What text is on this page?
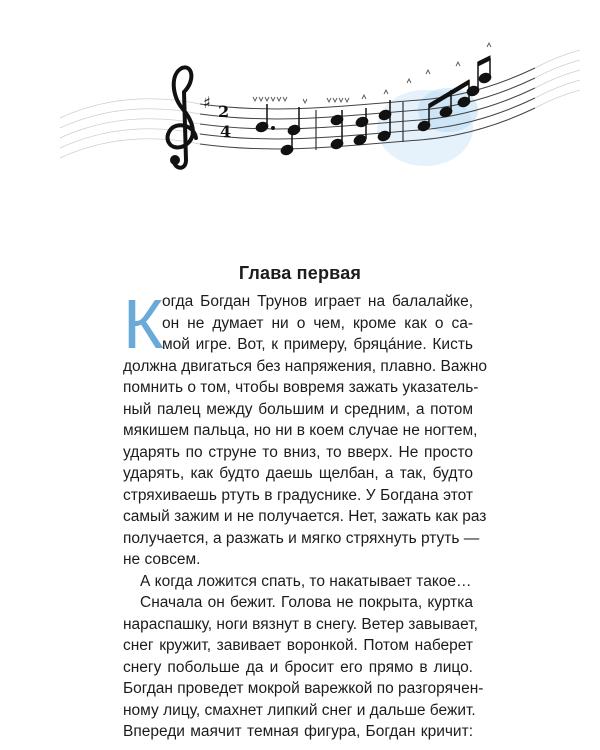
♯ 2
4
Глава первая
К
огда Богдан Трунов играет на балалайке,
он не думает ни о чем, кроме как о са-
мой игре. Вот, к примеру, бряцáние. Кисть
должна двигаться без напряжения, плавно. Важно
помнить о том, чтобы вовремя зажать указатель-
ный палец между большим и средним, а потом
мякишем пальца, но ни в коем случае не ногтем,
ударять по струне то вниз, то вверх. Не просто
ударять, как будто даешь щелбан, а так, будто
стряхиваешь ртуть в градуснике. У Богдана этот
самый зажим и не получается. Нет, зажать как раз
получается, а разжать и мягко стряхнуть ртуть —
не совсем.
А когда ложится спать, то накатывает такое…
Сначала он бежит. Голова не покрыта, куртка
нараспашку, ноги вязнут в снегу. Ветер завывает,
снег кружит, завивает воронкой. Потом наберет
снегу побольше да и бросит его прямо в лицо.
Богдан проведет мокрой варежкой по разгорячен-
ному лицу, смахнет липкий снег и дальше бежит.
Впереди маячит темная фигура, Богдан кричит:
